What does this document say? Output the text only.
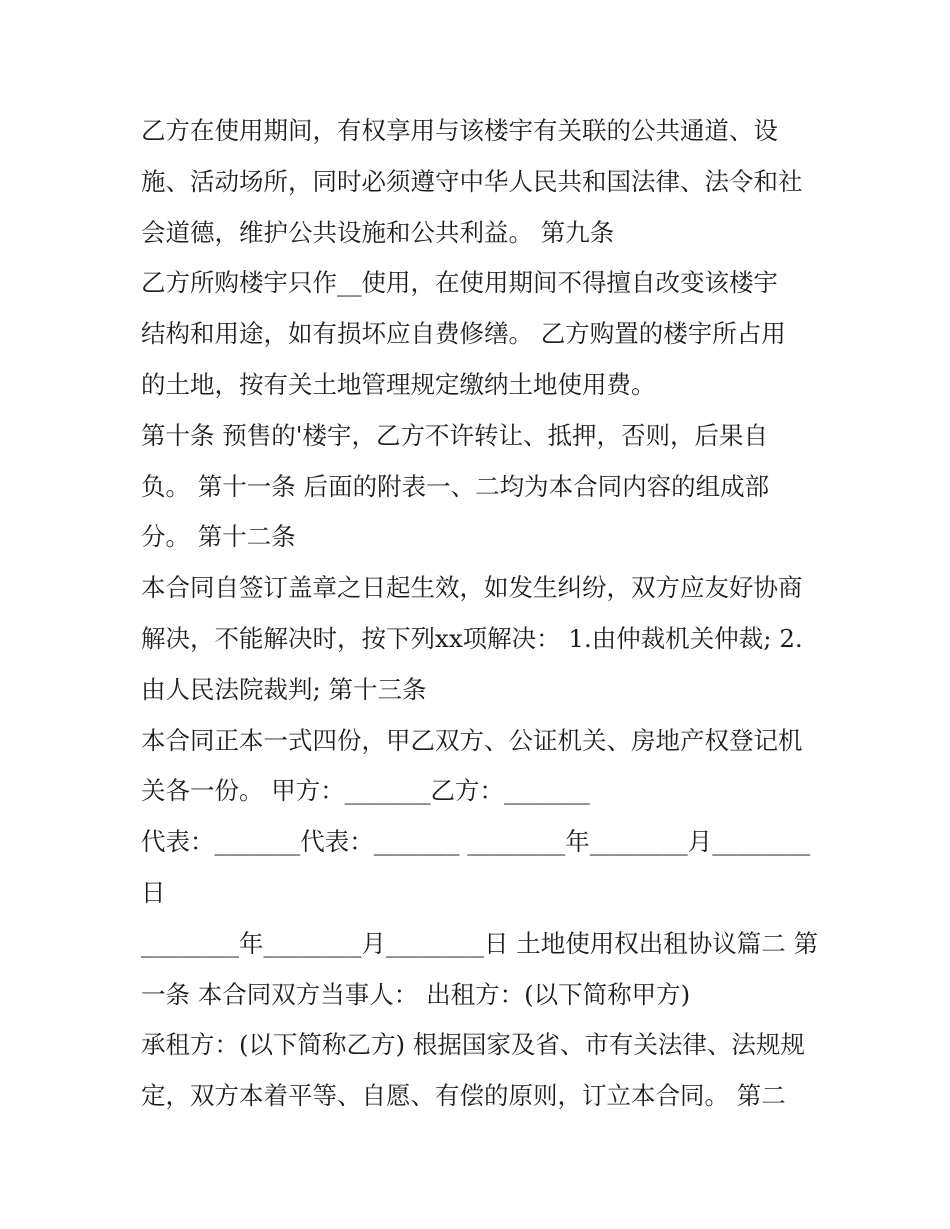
乙方在使用期间，有权享用与该楼宇有关联的公共通道、设
施、活动场所，同时必须遵守中华人民共和国法律、法令和社
会道德，维护公共设施和公共利益。 第九条
乙方所购楼宇只作__使用，在使用期间不得擅自改变该楼宇
结构和用途，如有损坏应自费修缮。 乙方购置的楼宇所占用
的土地，按有关土地管理规定缴纳土地使用费。
第十条 预售的'楼宇，乙方不许转让、抵押，否则，后果自
负。 第十一条 后面的附表一、二均为本合同内容的组成部
分。 第十二条
本合同自签订盖章之日起生效，如发生纠纷，双方应友好协商
解决，不能解决时，按下列xx项解决： 1.由仲裁机关仲裁; 2.
由人民法院裁判; 第十三条
本合同正本一式四份，甲乙双方、公证机关、房地产权登记机
关各一份。 甲方：_______乙方：_______
代表：_______代表：_______ ________年________月________
日
________年________月________日 土地使用权出租协议篇二 第
一条 本合同双方当事人： 出租方：(以下简称甲方)
承租方：(以下简称乙方) 根据国家及省、市有关法律、法规规
定，双方本着平等、自愿、有偿的原则，订立本合同。 第二
